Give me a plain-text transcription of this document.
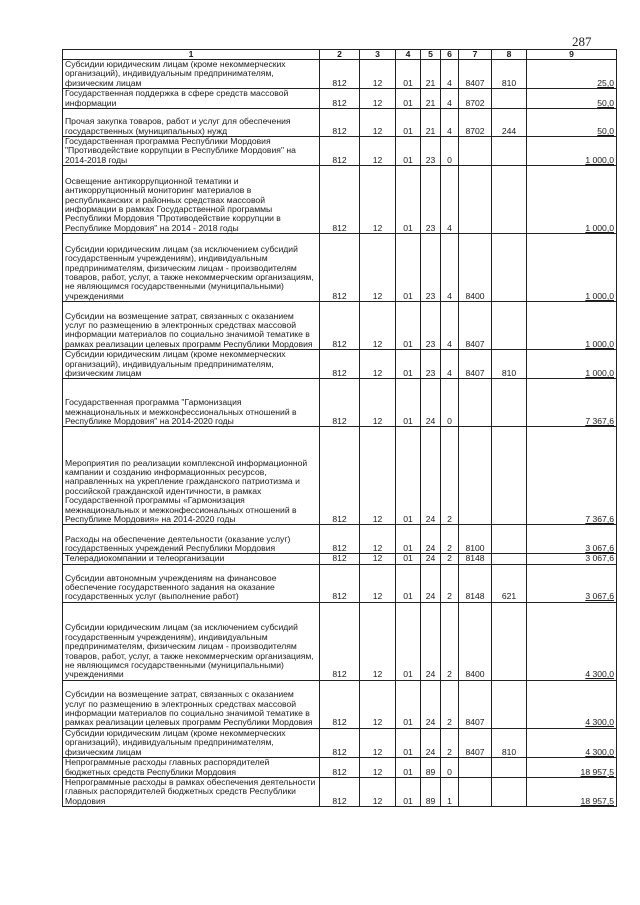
287
1	2	3	4	5	6	7	8	9
Субсидии юридическим лицам (кроме некоммерческих организаций), индивидуальным предпринимателям, физическим лицам	812	12	01	21	4	8407	810	25,0
Государственная поддержка в сфере средств массовой информации	812	12	01	21	4	8702		50,0
Прочая закупка товаров, работ и услуг для обеспечения государственных (муниципальных) нужд	812	12	01	21	4	8702	244	50,0
Государственная программа Республики Мордовия "Противодействие коррупции в Республике Мордовия" на 2014-2018 годы	812	12	01	23	0			1 000,0
Освещение антикоррупционной тематики и антикоррупционный мониторинг материалов в республиканских и районных средствах массовой информации в рамках Государственной программы Республики Мордовия "Противодействие коррупции в Республике Мордовия" на 2014 - 2018 годы	812	12	01	23	4			1 000,0
Субсидии юридическим лицам (за исключением субсидий государственным учреждениям), индивидуальным предпринимателям, физическим лицам - производителям товаров, работ, услуг, а также некоммерческим организациям, не являющимся государственными (муниципальными) учреждениями	812	12	01	23	4	8400		1 000,0
Субсидии на возмещение затрат, связанных с оказанием услуг по размещению в электронных средствах массовой информации материалов по социально значимой тематике в рамках реализации целевых программ Республики Мордовия	812	12	01	23	4	8407		1 000,0
Субсидии юридическим лицам (кроме некоммерческих организаций), индивидуальным предпринимателям, физическим лицам	812	12	01	23	4	8407	810	1 000,0
Государственная программа "Гармонизация межнациональных и межконфессиональных отношений в Республике Мордовия" на 2014-2020 годы	812	12	01	24	0			7 367,6
Мероприятия по реализации комплексной информационной кампании и созданию информационных ресурсов, направленных на укрепление гражданского патриотизма и российской гражданской идентичности, в рамках Государственной программы «Гармонизация межнациональных и межконфессиональных отношений в Республике Мордовия» на 2014-2020 годы	812	12	01	24	2			7 367,6
Расходы на обеспечение деятельности (оказание услуг) государственных учреждений Республики Мордовия	812	12	01	24	2	8100		3 067,6
Телерадиокомпании и телеорганизации	812	12	01	24	2	8148		3 067,6
Субсидии автономным учреждениям на финансовое обеспечение государственного задания на оказание государственных услуг (выполнение работ)	812	12	01	24	2	8148	621	3 067,6
Субсидии юридическим лицам (за исключением субсидий государственным учреждениям), индивидуальным предпринимателям, физическим лицам - производителям товаров, работ, услуг, а также некоммерческим организациям, не являющимся государственными (муниципальными) учреждениями	812	12	01	24	2	8400		4 300,0
Субсидии на возмещение затрат, связанных с оказанием услуг по размещению в электронных средствах массовой информации материалов по социально значимой тематике в рамках реализации целевых программ Республики Мордовия	812	12	01	24	2	8407		4 300,0
Субсидии юридическим лицам (кроме некоммерческих организаций), индивидуальным предпринимателям, физическим лицам	812	12	01	24	2	8407	810	4 300,0
Непрограммные расходы главных распорядителей бюджетных средств Республики Мордовия	812	12	01	89	0			18 957,5
Непрограммные расходы в рамках обеспечения деятельности главных распорядителей бюджетных средств Республики Мордовия	812	12	01	89	1			18 957,5
